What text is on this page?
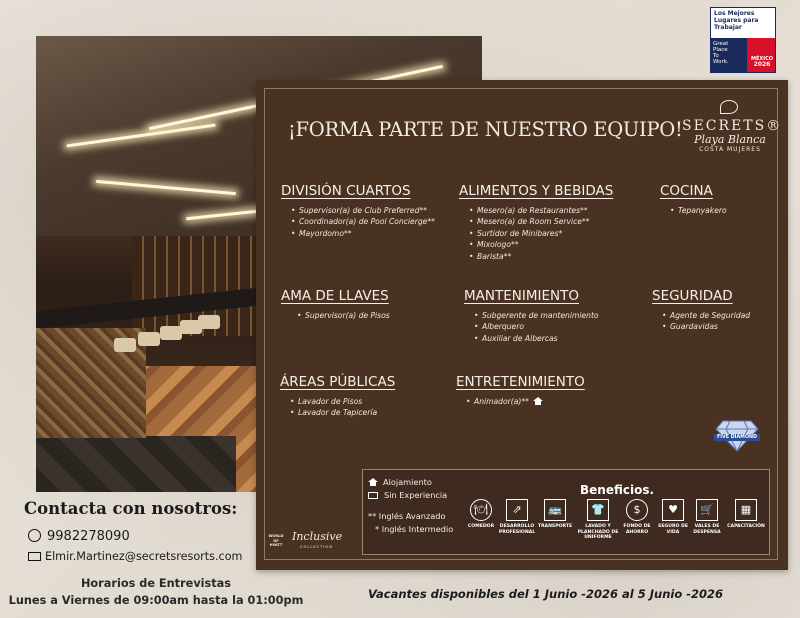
Los Mejores
Lugares para
Trabajar
Great
Place
To
Work.	MÉXICO
2026
¡FORMA PARTE DE NUESTRO EQUIPO! SECRETS®
Playa Blanca
COSTA MUJERES
DIVISIÓN CUARTOS
• Supervisor(a) de Club Preferred**
• Coordinador(a) de Pool Concierge**
• Mayordomo**
ALIMENTOS Y BEBIDAS
• Mesero(a) de Restaurantes**
• Mesero(a) de Room Service**
• Surtidor de Minibares*
• Mixologo**
• Barista**
COCINA
• Tepanyakero
AMA DE LLAVES
• Supervisor(a) de Pisos
MANTENIMIENTO
• Subgerente de mantenimiento
• Alberquero
• Auxiliar de Albercas
SEGURIDAD
• Agente de Seguridad
• Guardavidas
ÁREAS PÚBLICAS
• Lavador de Pisos
• Lavador de Tapicería
ENTRETENIMIENTO
• Animador(a)**
FIVE DIAMOND
Alojamiento
Sin Experiencia
** Inglés Avanzado
* Inglés Intermedio
Beneficios.
🍽
COMEDOR
⇗
DESARROLLO PROFESIONAL
🚌
TRANSPORTE
👕
LAVADO Y PLANCHADO DE UNIFORME
$
FONDO DE AHORRO
♥
SEGURO DE VIDA
🛒
VALES DE DESPENSA
▦
CAPACITACIÓN
WORLD OF HYATT
Inclusive
COLLECTION
Contacta con nosotros:
9982278090
Elmir.Martinez@secretsresorts.com
Horarios de Entrevistas
Lunes a Viernes de 09:00am hasta la 01:00pm	Vacantes disponibles del 1 Junio -2026 al 5 Junio -2026
